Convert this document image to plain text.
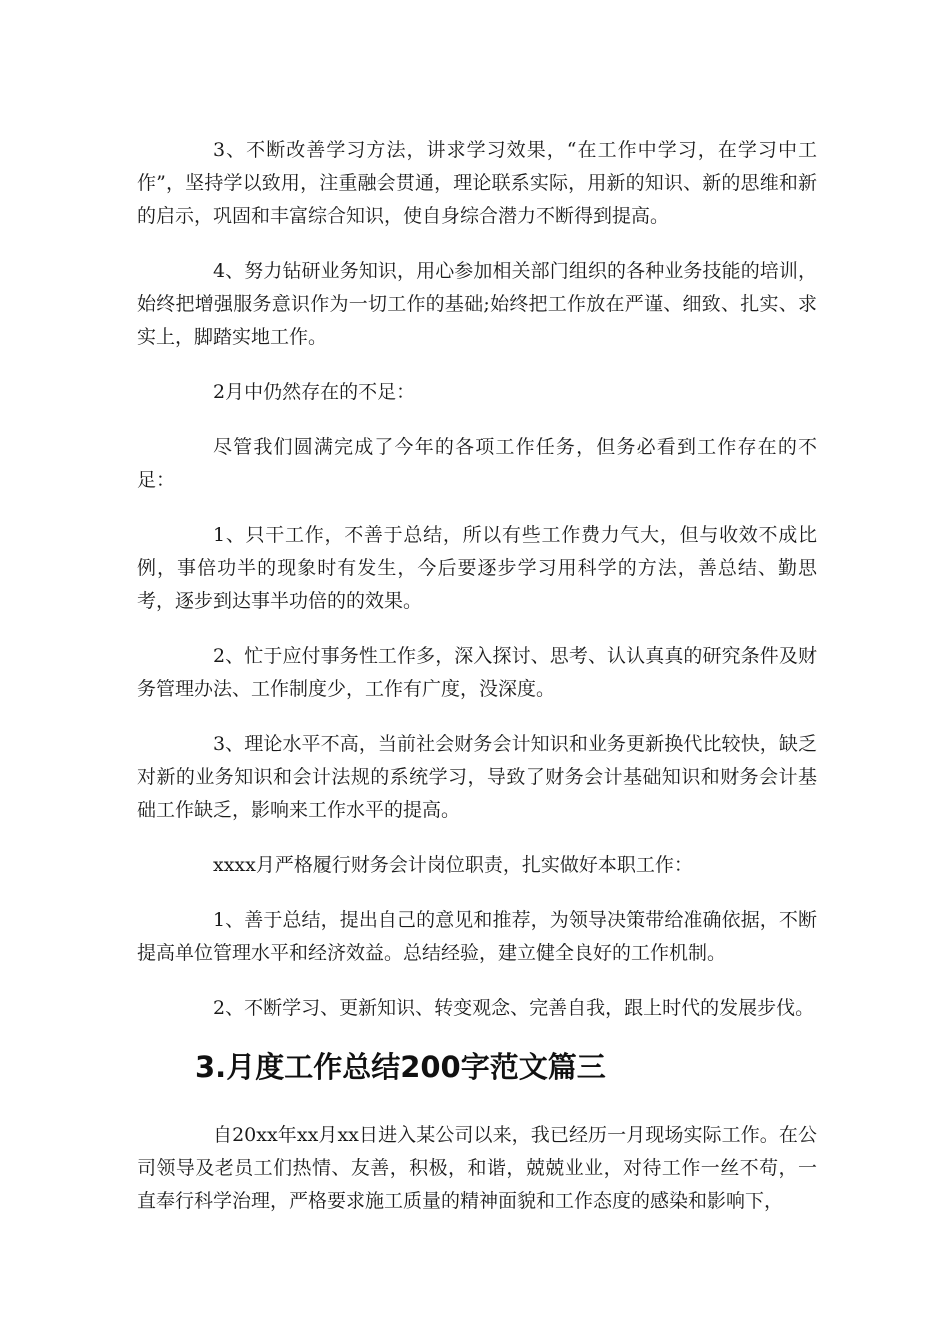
3、不断改善学习方法，讲求学习效果，“在工作中学习，在学习中工作”，坚持学以致用，注重融会贯通，理论联系实际，用新的知识、新的思维和新的启示，巩固和丰富综合知识，使自身综合潜力不断得到提高。

4、努力钻研业务知识，用心参加相关部门组织的各种业务技能的培训，始终把增强服务意识作为一切工作的基础;始终把工作放在严谨、细致、扎实、求实上，脚踏实地工作。

2月中仍然存在的不足：

尽管我们圆满完成了今年的各项工作任务，但务必看到工作存在的不足：

1、只干工作，不善于总结，所以有些工作费力气大，但与收效不成比例，事倍功半的现象时有发生，今后要逐步学习用科学的方法，善总结、勤思考，逐步到达事半功倍的的效果。

2、忙于应付事务性工作多，深入探讨、思考、认认真真的研究条件及财务管理办法、工作制度少，工作有广度，没深度。

3、理论水平不高，当前社会财务会计知识和业务更新换代比较快，缺乏对新的业务知识和会计法规的系统学习，导致了财务会计基础知识和财务会计基础工作缺乏，影响来工作水平的提高。

xxxx月严格履行财务会计岗位职责，扎实做好本职工作：

1、善于总结，提出自己的意见和推荐，为领导决策带给准确依据，不断提高单位管理水平和经济效益。总结经验，建立健全良好的工作机制。

2、不断学习、更新知识、转变观念、完善自我，跟上时代的发展步伐。

3.月度工作总结200字范文篇三

自20xx年xx月xx日进入某公司以来，我已经历一月现场实际工作。在公司领导及老员工们热情、友善，积极，和谐，兢兢业业，对待工作一丝不苟，一直奉行科学治理，严格要求施工质量的精神面貌和工作态度的感染和影响下，
